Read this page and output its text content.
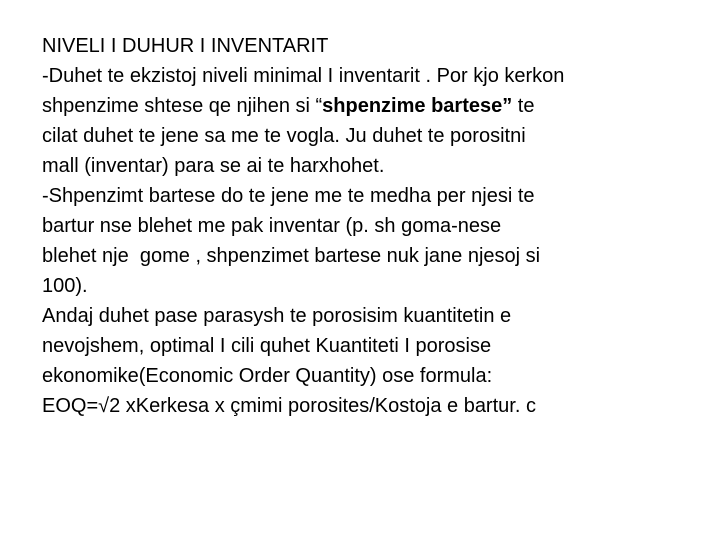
NIVELI I DUHUR I INVENTARIT
-Duhet te ekzistoj niveli minimal I inventarit . Por kjo kerkon
shpenzime shtese qe njihen si “shpenzime bartese” te
cilat duhet te jene sa me te vogla. Ju duhet te porositni
mall (inventar) para se ai te harxhohet.
-Shpenzimt bartese do te jene me te medha per njesi te
bartur nse blehet me pak inventar (p. sh goma-nese
blehet nje  gome , shpenzimet bartese nuk jane njesoj si
100).
Andaj duhet pase parasysh te porosisim kuantitetin e
nevojshem, optimal I cili quhet Kuantiteti I porosise
ekonomike(Economic Order Quantity) ose formula:
EOQ=√2 xKerkesa x çmimi porosites/Kostoja e bartur. c
